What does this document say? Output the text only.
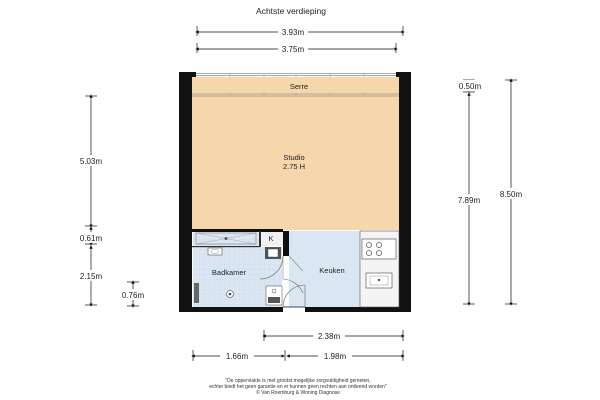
Achtste verdieping
Serre
Studio
2.75 H
Badkamer	Keuken
K
3.93m
3.75m
5.03m
0.61m
2.15m
0.76m
0.50m
7.89m
8.50m
2.38m
1.66m	1.98m
"De oppervlakte is met grootst mogelijke zorgvuldigheid gemeten,
echter biedt het geen garantie en er kunnen geen rechten aan ontleend worden"
© Van Roemburg & Woning Diagnose
